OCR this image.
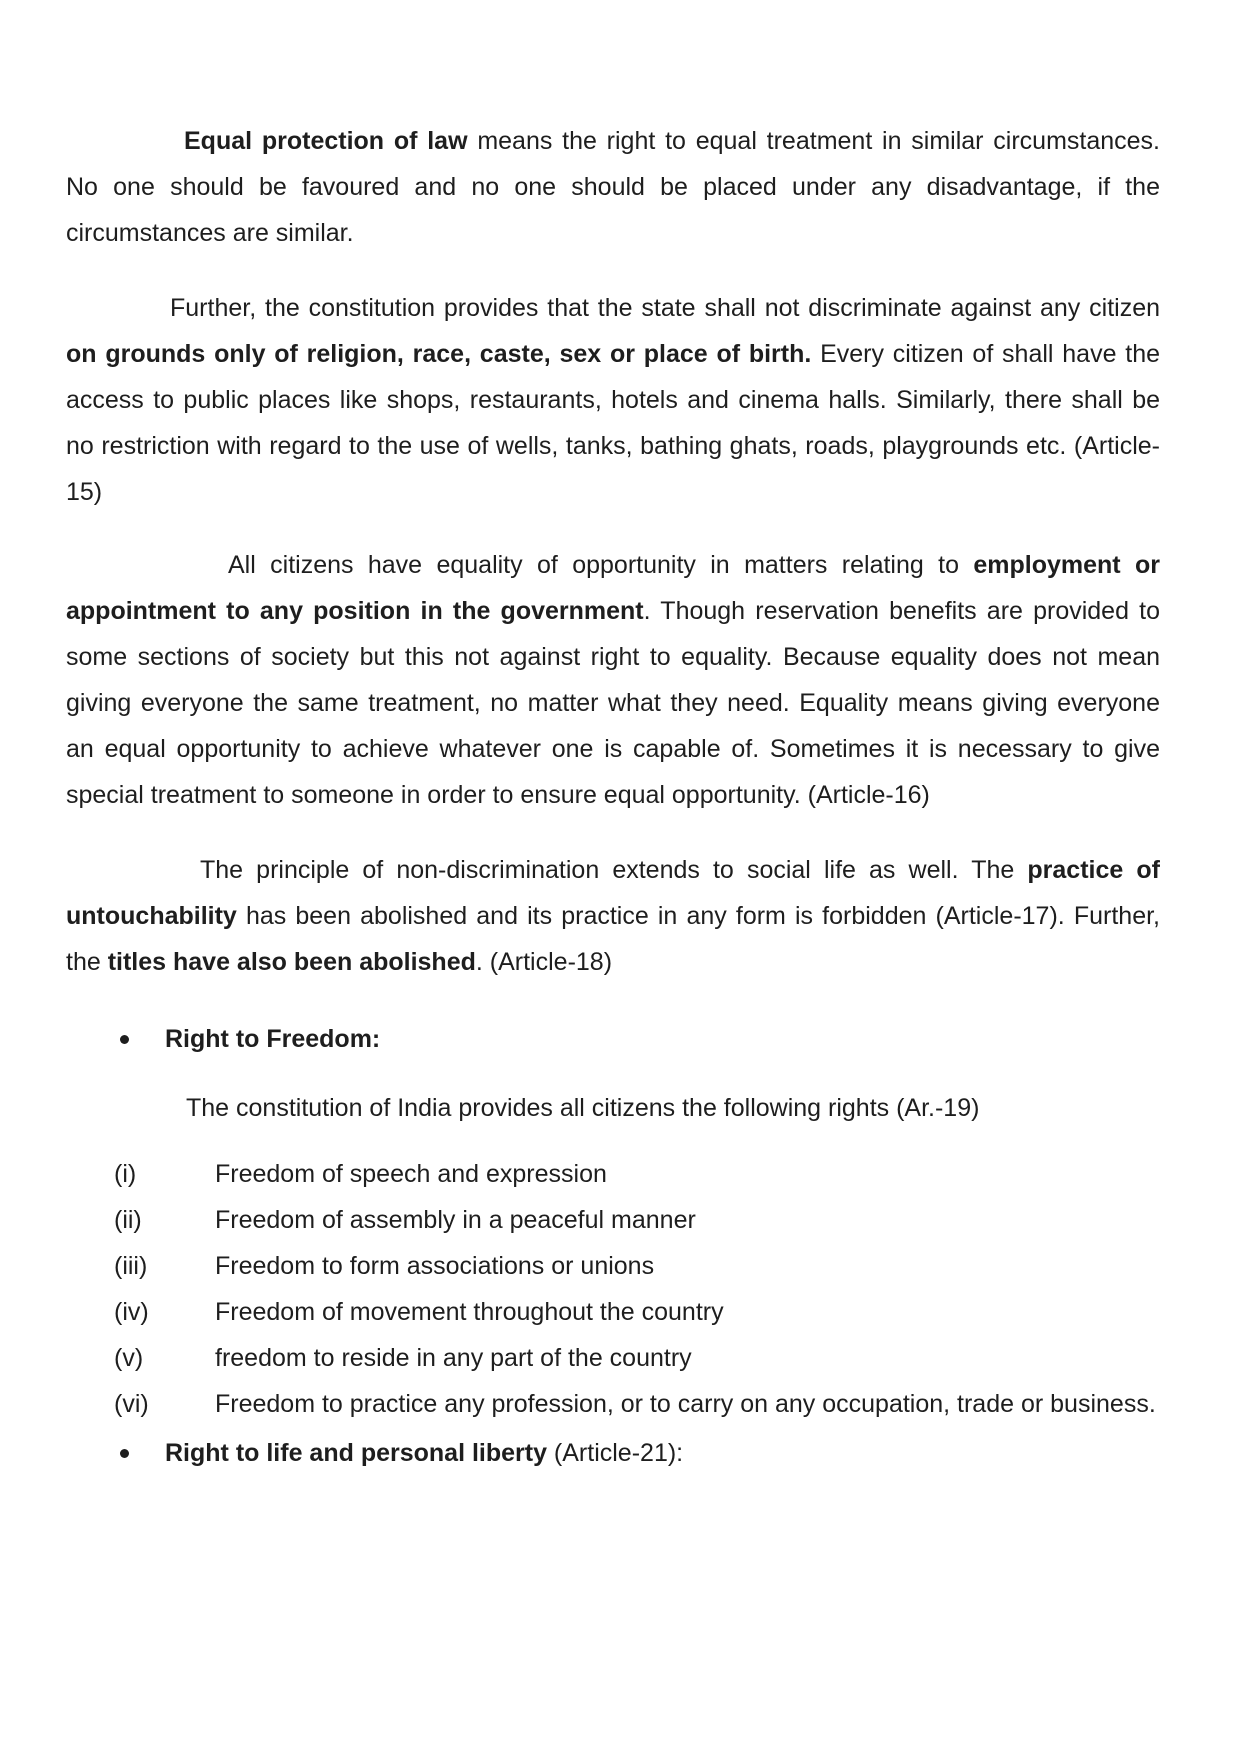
Equal protection of law means the right to equal treatment in similar circumstances. No one should be favoured and no one should be placed under any disadvantage, if the circumstances are similar.

Further, the constitution provides that the state shall not discriminate against any citizen on grounds only of religion, race, caste, sex or place of birth. Every citizen of shall have the access to public places like shops, restaurants, hotels and cinema halls. Similarly, there shall be no restriction with regard to the use of wells, tanks, bathing ghats, roads, playgrounds etc. (Article- 15)

All citizens have equality of opportunity in matters relating to employment or appointment to any position in the government. Though reservation benefits are provided to some sections of society but this not against right to equality. Because equality does not mean giving everyone the same treatment, no matter what they need. Equality means giving everyone an equal opportunity to achieve whatever one is capable of. Sometimes it is necessary to give special treatment to someone in order to ensure equal opportunity. (Article-16)

The principle of non-discrimination extends to social life as well. The practice of untouchability has been abolished and its practice in any form is forbidden (Article-17). Further, the titles have also been abolished. (Article-18)

Right to Freedom:
The constitution of India provides all citizens the following rights (Ar.-19)
(i)	Freedom of speech and expression
(ii)	Freedom of assembly in a peaceful manner
(iii)	Freedom to form associations or unions
(iv)	Freedom of movement throughout the country
(v)	freedom to reside in any part of the country
(vi)	Freedom to practice any profession, or to carry on any occupation, trade or business.
Right to life and personal liberty (Article-21):
